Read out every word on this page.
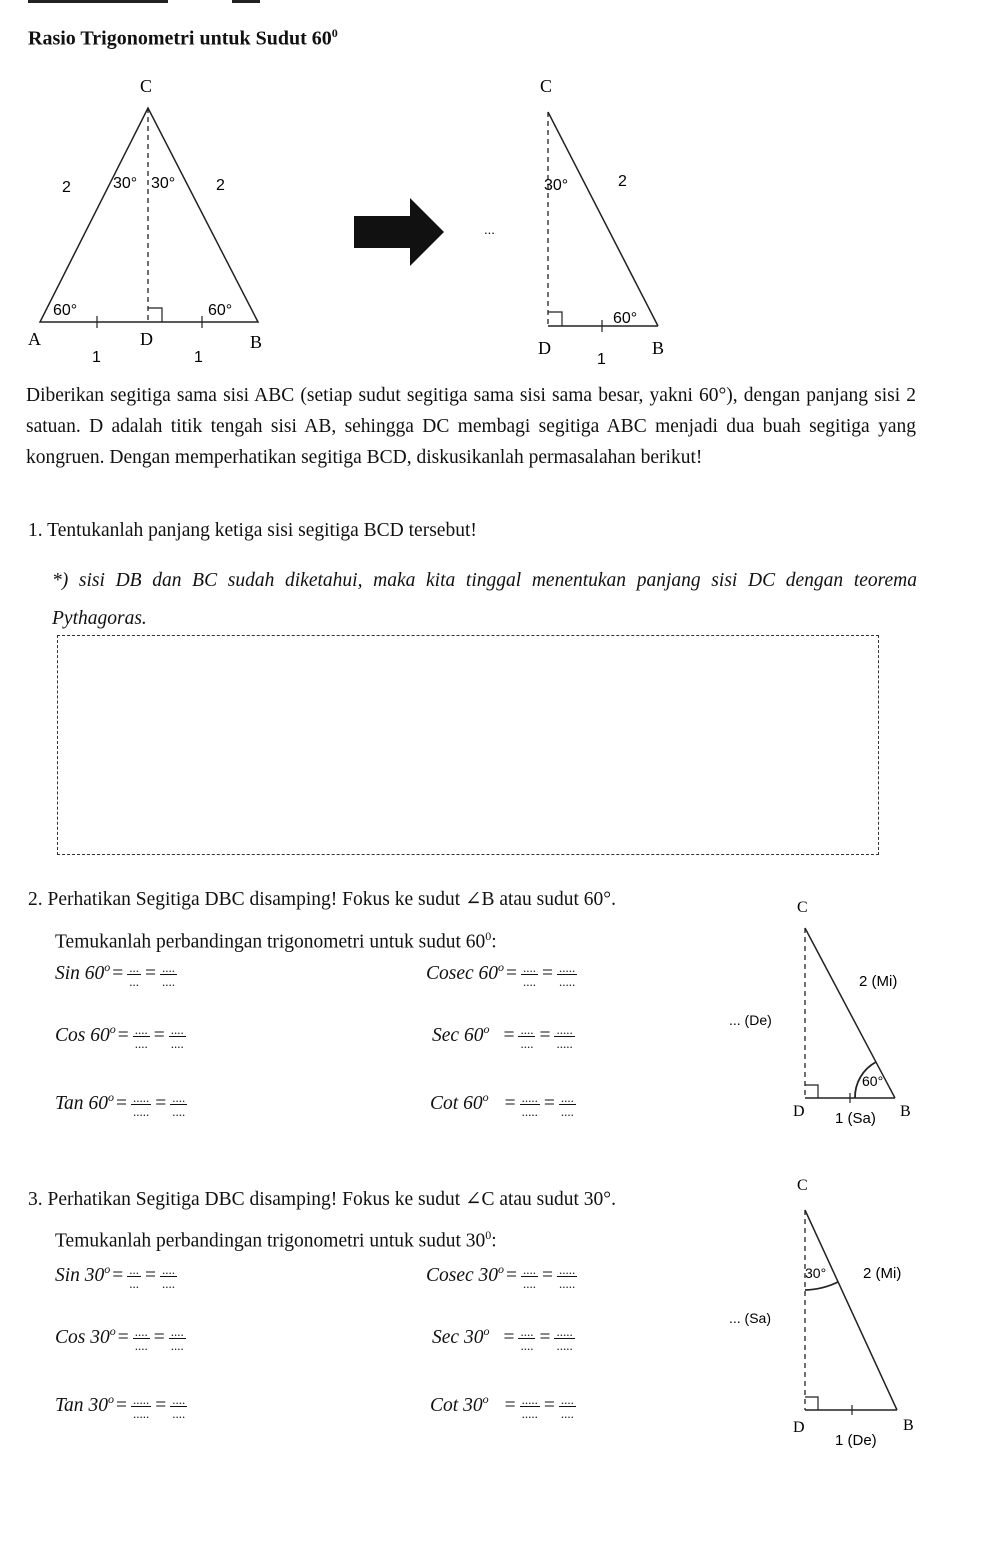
Rasio Trigonometri untuk Sudut $60^0$
C
A	D	B
2	2
30° 30°
60°	60°
1	1
C
D	B
30°	2
60°
1
...
Diberikan segitiga sama sisi ABC (setiap sudut segitiga sama sisi sama besar, yakni 60°), dengan panjang sisi 2 satuan. D adalah titik tengah sisi AB, sehingga DC membagi segitiga ABC menjadi dua buah segitiga yang kongruen. Dengan memperhatikan segitiga BCD, diskusikanlah permasalahan berikut!
1. Tentukanlah panjang ketiga sisi segitiga BCD tersebut!
*) sisi DB dan BC sudah diketahui, maka kita tinggal menentukan panjang sisi DC dengan teorema Pythagoras.
2. Perhatikan Segitiga DBC disamping! Fokus ke sudut ∠B atau sudut 60°.
Temukanlah perbandingan trigonometri untuk sudut $60^0$:
Sin $60^o = \frac{...}{...} = \frac{....}{....}$	Cosec $60^o = \frac{....}{....} = \frac{.....}{.....}$
Cos $60^o = \frac{....}{....} = \frac{....}{....}$	Sec $60^o = \frac{....}{....} = \frac{.....}{.....}$
Tan $60^o = \frac{.....}{.....} = \frac{....}{....}$	Cot $60^o = \frac{.....}{.....} = \frac{....}{....}$
C
D	B
2 (Mi)
... (De)
60°
1 (Sa)
3. Perhatikan Segitiga DBC disamping! Fokus ke sudut ∠C atau sudut 30°.
Temukanlah perbandingan trigonometri untuk sudut $30^0$:
Sin $30^o = \frac{...}{...} = \frac{....}{....}$	Cosec $30^o = \frac{....}{....} = \frac{.....}{.....}$
Cos $30^o = \frac{....}{....} = \frac{....}{....}$	Sec $30^o = \frac{....}{....} = \frac{.....}{.....}$
Tan $30^o = \frac{.....}{.....} = \frac{....}{....}$	Cot $30^o = \frac{.....}{.....} = \frac{....}{....}$
C
D	B
2 (Mi)
... (Sa)
30°
1 (De)
